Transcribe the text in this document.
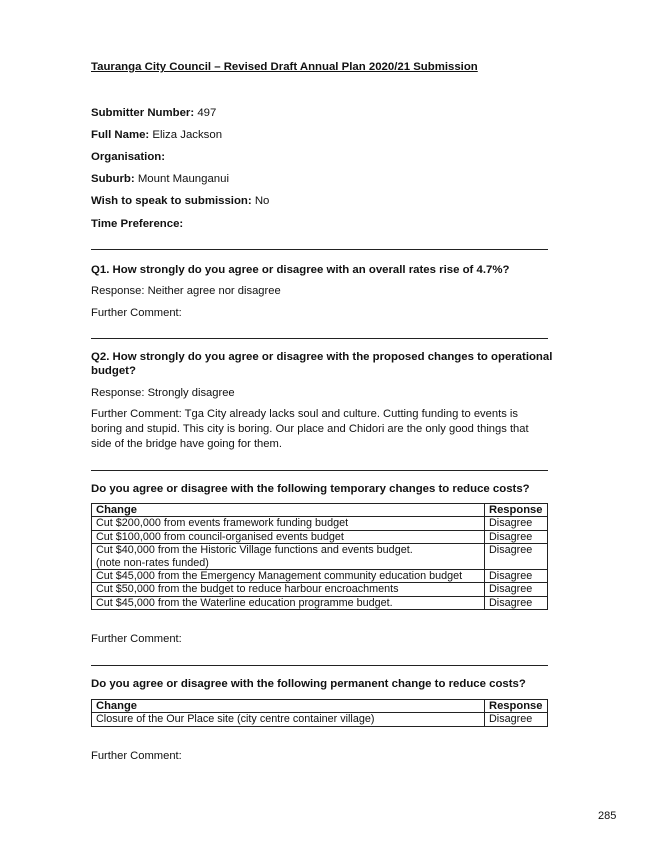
Tauranga City Council – Revised Draft Annual Plan 2020/21 Submission
Submitter Number: 497
Full Name: Eliza Jackson
Organisation:
Suburb: Mount Maunganui
Wish to speak to submission: No
Time Preference:
Q1. How strongly do you agree or disagree with an overall rates rise of 4.7%?
Response: Neither agree nor disagree
Further Comment:
Q2. How strongly do you agree or disagree with the proposed changes to operational budget?
Response: Strongly disagree
Further Comment: Tga City already lacks soul and culture. Cutting funding to events is boring and stupid. This city is boring. Our place and Chidori are the only good things that side of the bridge have going for them.
Do you agree or disagree with the following temporary changes to reduce costs?
Change	Response
Cut $200,000 from events framework funding budget	Disagree
Cut $100,000 from council-organised events budget	Disagree
Cut $40,000 from the Historic Village functions and events budget.
(note non-rates funded)	Disagree
Cut $45,000 from the Emergency Management community education budget	Disagree
Cut $50,000 from the budget to reduce harbour encroachments	Disagree
Cut $45,000 from the Waterline education programme budget.	Disagree
Further Comment:
Do you agree or disagree with the following permanent change to reduce costs?
Change	Response
Closure of the Our Place site (city centre container village)	Disagree
Further Comment:
285
